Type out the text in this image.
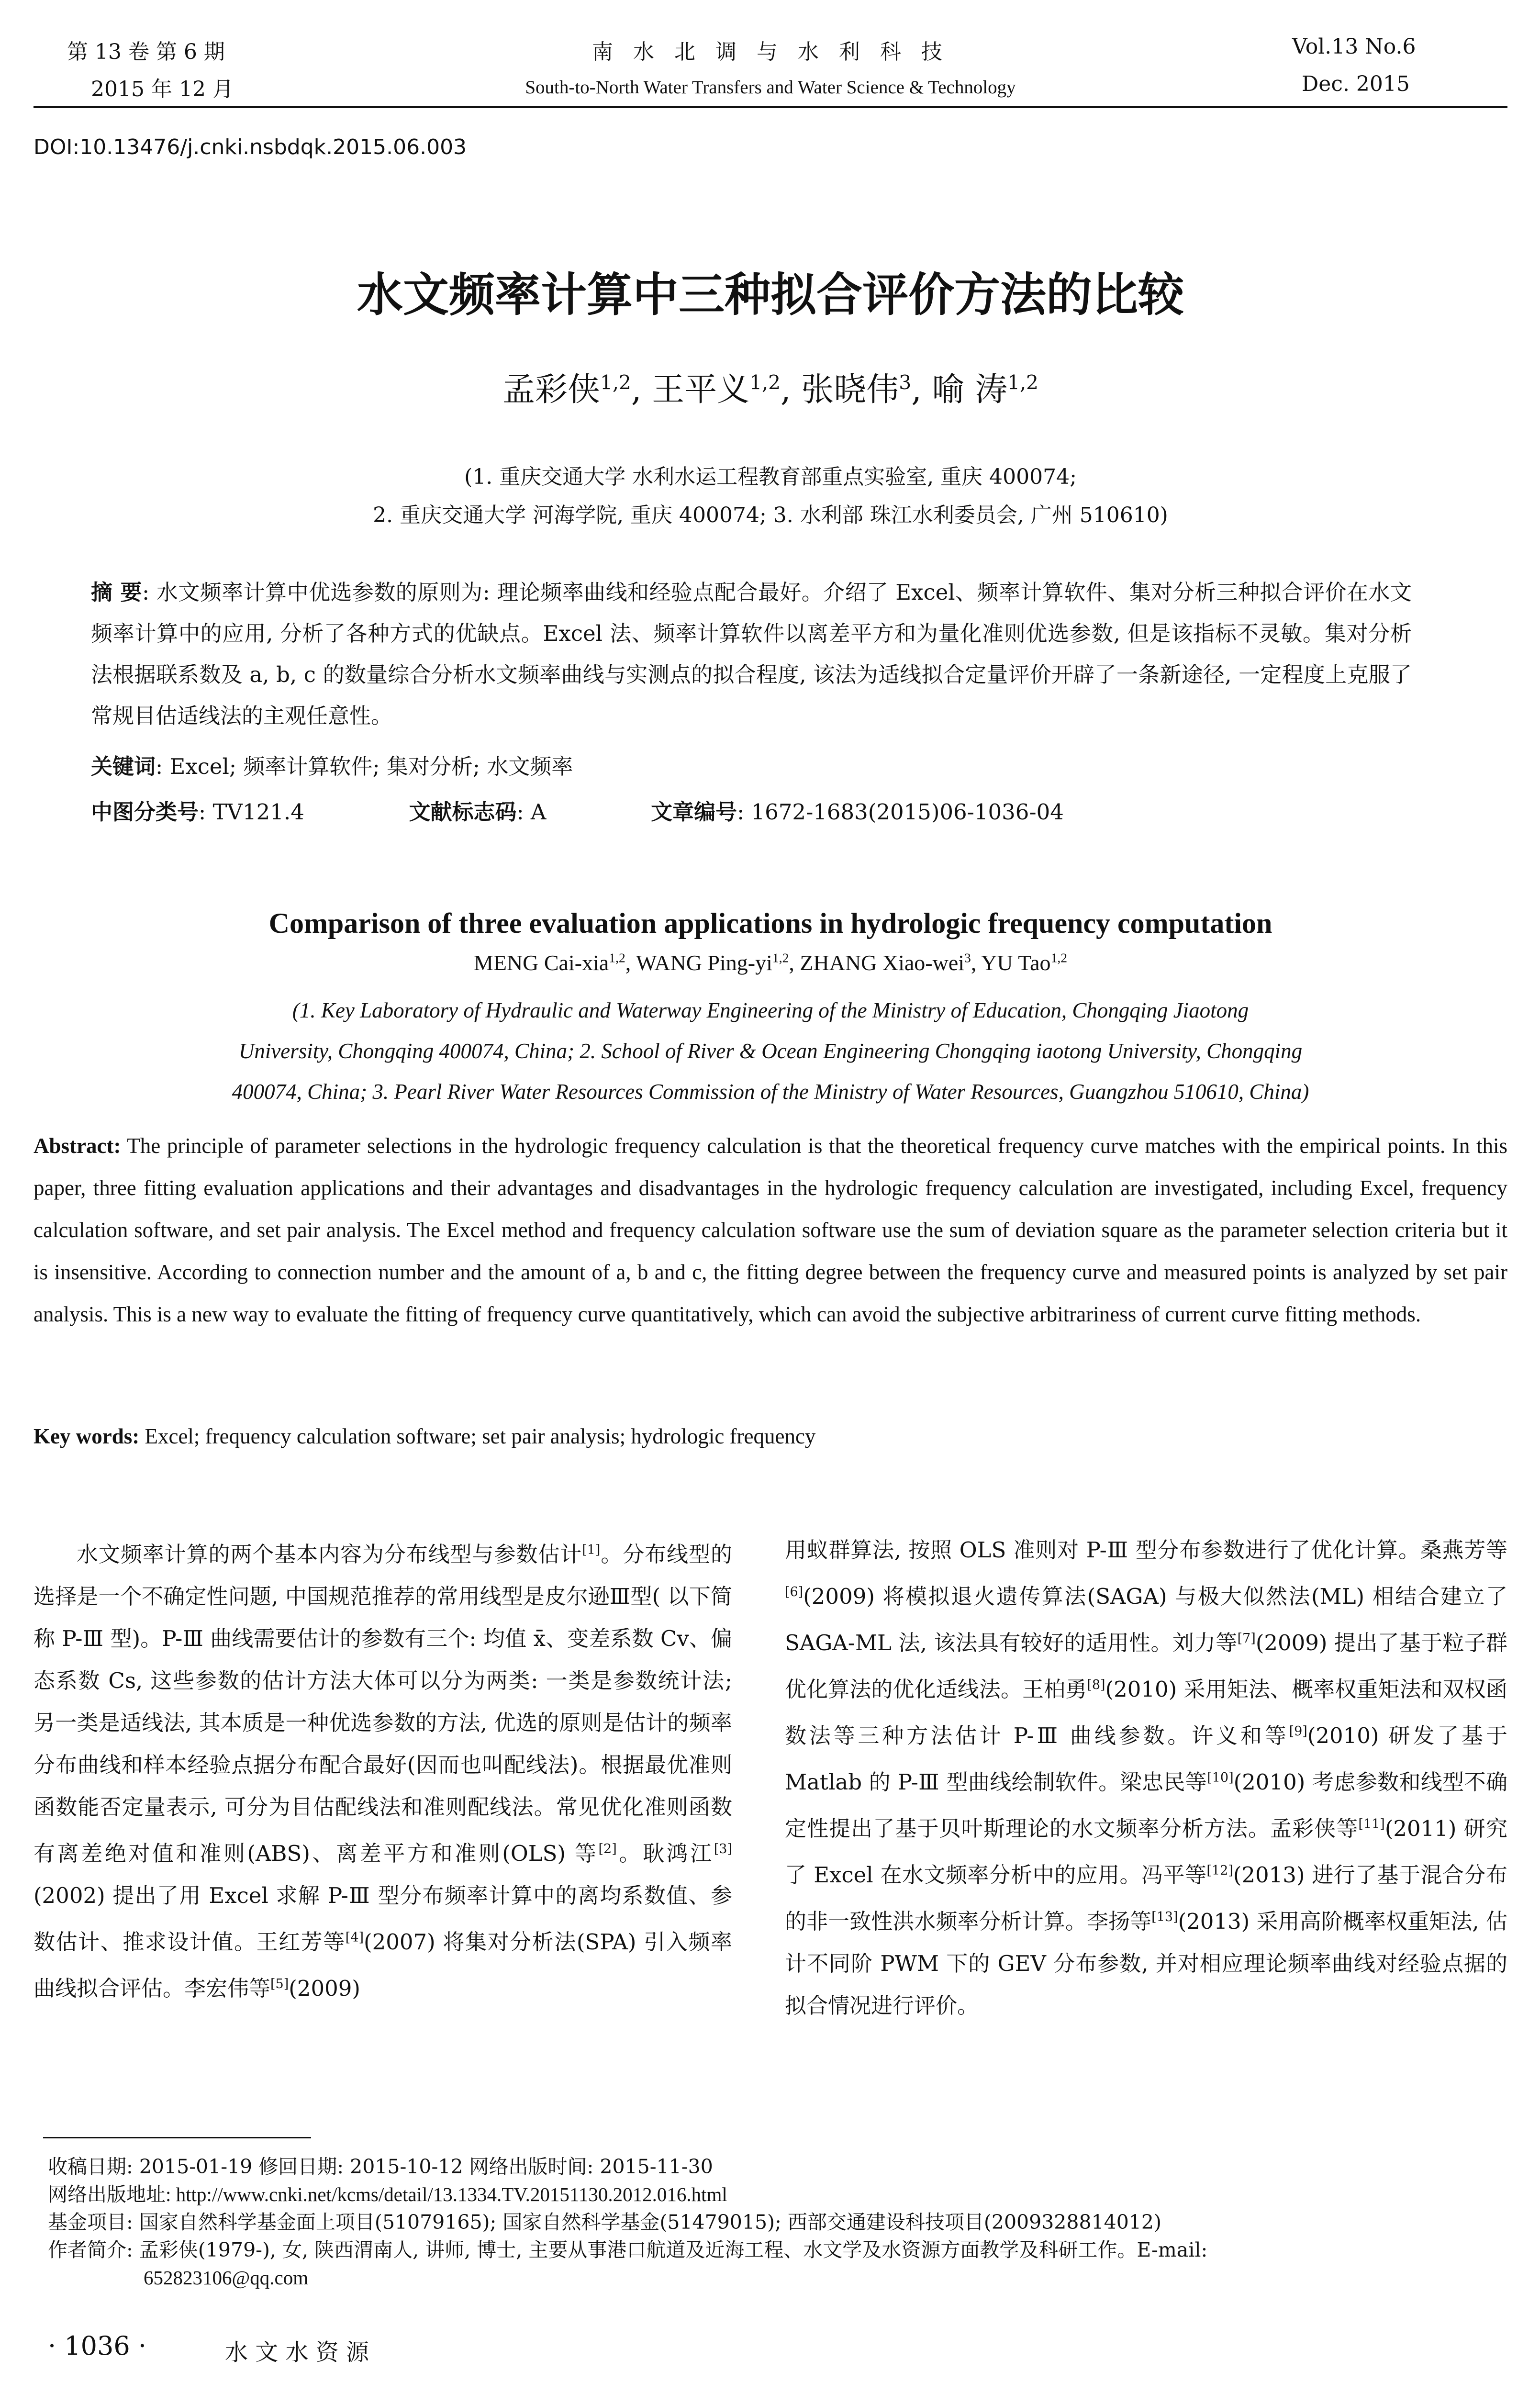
第 13 卷 第 6 期
2015 年 12 月
南 水 北 调 与 水 利 科 技
South-to-North Water Transfers and Water Science & Technology
Vol.13 No.6
Dec. 2015
DOI:10.13476/j.cnki.nsbdqk.2015.06.003
水文频率计算中三种拟合评价方法的比较
孟彩侠$^{1,2}$, 王平义$^{1,2}$, 张晓伟$^3$, 喻 涛$^{1,2}$
(1. 重庆交通大学 水利水运工程教育部重点实验室, 重庆 400074;
2. 重庆交通大学 河海学院, 重庆 400074; 3. 水利部 珠江水利委员会, 广州 510610)
摘 要: 水文频率计算中优选参数的原则为: 理论频率曲线和经验点配合最好。介绍了 Excel、频率计算软件、集对分析三种拟合评价在水文频率计算中的应用, 分析了各种方式的优缺点。Excel 法、频率计算软件以离差平方和为量化准则优选参数, 但是该指标不灵敏。集对分析法根据联系数及 a, b, c 的数量综合分析水文频率曲线与实测点的拟合程度, 该法为适线拟合定量评价开辟了一条新途径, 一定程度上克服了常规目估适线法的主观任意性。
关键词: Excel; 频率计算软件; 集对分析; 水文频率
中图分类号: TV121.4	文献标志码: A	文章编号: 1672-1683(2015)06-1036-04
Comparison of three evaluation applications in hydrologic frequency computation
MENG Cai-xia$^{1,2}$, WANG Ping-yi$^{1,2}$, ZHANG Xiao-wei$^3$, YU Tao$^{1,2}$
(1. Key Laboratory of Hydraulic and Waterway Engineering of the Ministry of Education, Chongqing Jiaotong
University, Chongqing 400074, China; 2. School of River & Ocean Engineering Chongqing iaotong University, Chongqing
400074, China; 3. Pearl River Water Resources Commission of the Ministry of Water Resources, Guangzhou 510610, China)
Abstract: The principle of parameter selections in the hydrologic frequency calculation is that the theoretical frequency curve matches with the empirical points. In this paper, three fitting evaluation applications and their advantages and disadvantages in the hydrologic frequency calculation are investigated, including Excel, frequency calculation software, and set pair analysis. The Excel method and frequency calculation software use the sum of deviation square as the parameter selection criteria but it is insensitive. According to connection number and the amount of a, b and c, the fitting degree between the frequency curve and measured points is analyzed by set pair analysis. This is a new way to evaluate the fitting of frequency curve quantitatively, which can avoid the subjective arbitrariness of current curve fitting methods.
Key words: Excel; frequency calculation software; set pair analysis; hydrologic frequency
水文频率计算的两个基本内容为分布线型与参数估计[1]。分布线型的选择是一个不确定性问题, 中国规范推荐的常用线型是皮尔逊Ⅲ型( 以下简称 P-Ⅲ 型)。P-Ⅲ 曲线需要估计的参数有三个: 均值 x̄、变差系数 Cv、偏态系数 Cs, 这些参数的估计方法大体可以分为两类: 一类是参数统计法; 另一类是适线法, 其本质是一种优选参数的方法, 优选的原则是估计的频率分布曲线和样本经验点据分布配合最好(因而也叫配线法)。根据最优准则函数能否定量表示, 可分为目估配线法和准则配线法。常见优化准则函数有离差绝对值和准则(ABS)、离差平方和准则(OLS) 等[2]。耿鸿江[3](2002) 提出了用 Excel 求解 P-Ⅲ 型分布频率计算中的离均系数值、参数估计、推求设计值。王红芳等[4](2007) 将集对分析法(SPA) 引入频率曲线拟合评估。李宏伟等[5](2009)
用蚁群算法, 按照 OLS 准则对 P-Ⅲ 型分布参数进行了优化计算。桑燕芳等[6](2009) 将模拟退火遗传算法(SAGA) 与极大似然法(ML) 相结合建立了 SAGA-ML 法, 该法具有较好的适用性。刘力等[7](2009) 提出了基于粒子群优化算法的优化适线法。王柏勇[8](2010) 采用矩法、概率权重矩法和双权函数法等三种方法估计 P-Ⅲ 曲线参数。许义和等[9](2010) 研发了基于 Matlab 的 P-Ⅲ 型曲线绘制软件。梁忠民等[10](2010) 考虑参数和线型不确定性提出了基于贝叶斯理论的水文频率分析方法。孟彩侠等[11](2011) 研究了 Excel 在水文频率分析中的应用。冯平等[12](2013) 进行了基于混合分布的非一致性洪水频率分析计算。李扬等[13](2013) 采用高阶概率权重矩法, 估计不同阶 PWM 下的 GEV 分布参数, 并对相应理论频率曲线对经验点据的拟合情况进行评价。
收稿日期: 2015-01-19 修回日期: 2015-10-12 网络出版时间: 2015-11-30
网络出版地址: http://www.cnki.net/kcms/detail/13.1334.TV.20151130.2012.016.html
基金项目: 国家自然科学基金面上项目(51079165); 国家自然科学基金(51479015); 西部交通建设科技项目(2009328814012)
作者简介: 孟彩侠(1979-), 女, 陕西渭南人, 讲师, 博士, 主要从事港口航道及近海工程、水文学及水资源方面教学及科研工作。E-mail:
652823106@qq.com
· 1036 ·	水 文 水 资 源
